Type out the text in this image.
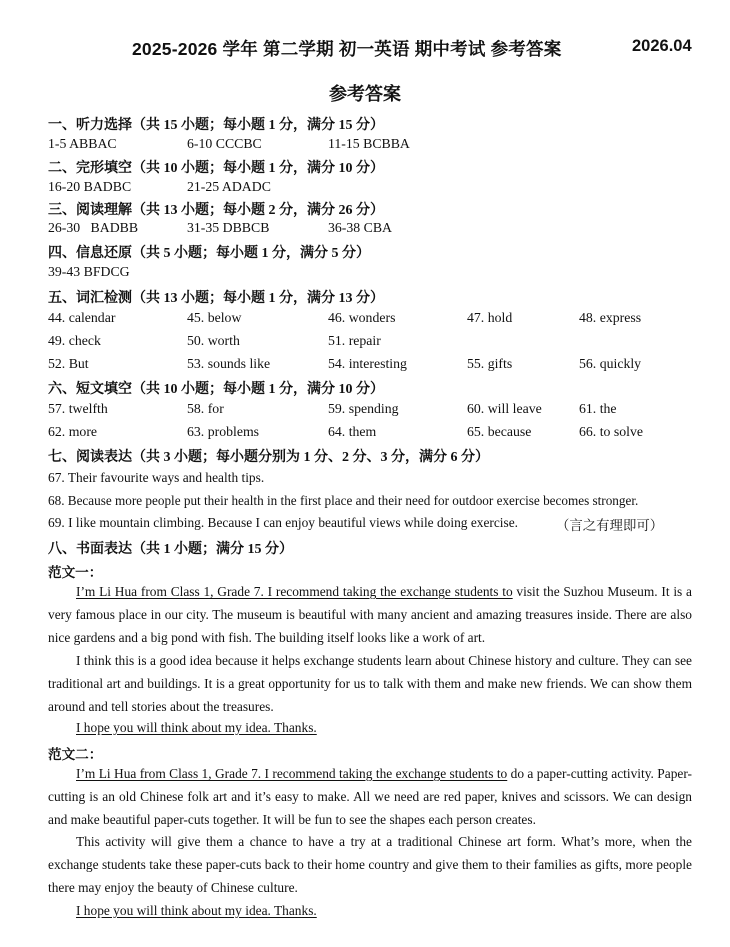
2025-2026 学年 第二学期 初一英语 期中考试 参考答案	2026.04
参考答案
一、听力选择（共 15 小题；每小题 1 分，满分 15 分）
1-5 ABBAC	6-10 CCCBC	11-15 BCBBA
二、完形填空（共 10 小题；每小题 1 分，满分 10 分）
16-20 BADBC	21-25 ADADC
三、阅读理解（共 13 小题；每小题 2 分，满分 26 分）
26-30   BADBB	31-35 DBBCB	36-38 CBA
四、信息还原（共 5 小题；每小题 1 分，满分 5 分）
39-43 BFDCG
五、词汇检测（共 13 小题；每小题 1 分，满分 13 分）
44. calendar	45. below	46. wonders	47. hold	48. express
49. check	50. worth	51. repair
52. But	53. sounds like	54. interesting	55. gifts	56. quickly
六、短文填空（共 10 小题；每小题 1 分，满分 10 分）
57. twelfth	58. for	59. spending	60. will leave	61. the
62. more	63. problems	64. them	65. because	66. to solve
七、阅读表达（共 3 小题；每小题分别为 1 分、2 分、3 分，满分 6 分）
67. Their favourite ways and health tips.
68. Because more people put their health in the first place and their need for outdoor exercise becomes stronger.
69. I like mountain climbing. Because I can enjoy beautiful views while doing exercise.	（言之有理即可）
八、书面表达（共 1 小题；满分 15 分）
范文一：
I’m Li Hua from Class 1, Grade 7. I recommend taking the exchange students to visit the Suzhou Museum. It is a very famous place in our city. The museum is beautiful with many ancient and amazing treasures inside. There are also nice gardens and a big pond with fish. The building itself looks like a work of art.
I think this is a good idea because it helps exchange students learn about Chinese history and culture. They can see traditional art and buildings. It is a great opportunity for us to talk with them and make new friends. We can show them around and tell stories about the treasures.
I hope you will think about my idea. Thanks.
范文二：
I’m Li Hua from Class 1, Grade 7. I recommend taking the exchange students to do a paper-cutting activity. Paper-cutting is an old Chinese folk art and it’s easy to make. All we need are red paper, knives and scissors. We can design and make beautiful paper-cuts together. It will be fun to see the shapes each person creates.
This activity will give them a chance to have a try at a traditional Chinese art form. What’s more, when the exchange students take these paper-cuts back to their home country and give them to their families as gifts, more people there may enjoy the beauty of Chinese culture.
I hope you will think about my idea. Thanks.
